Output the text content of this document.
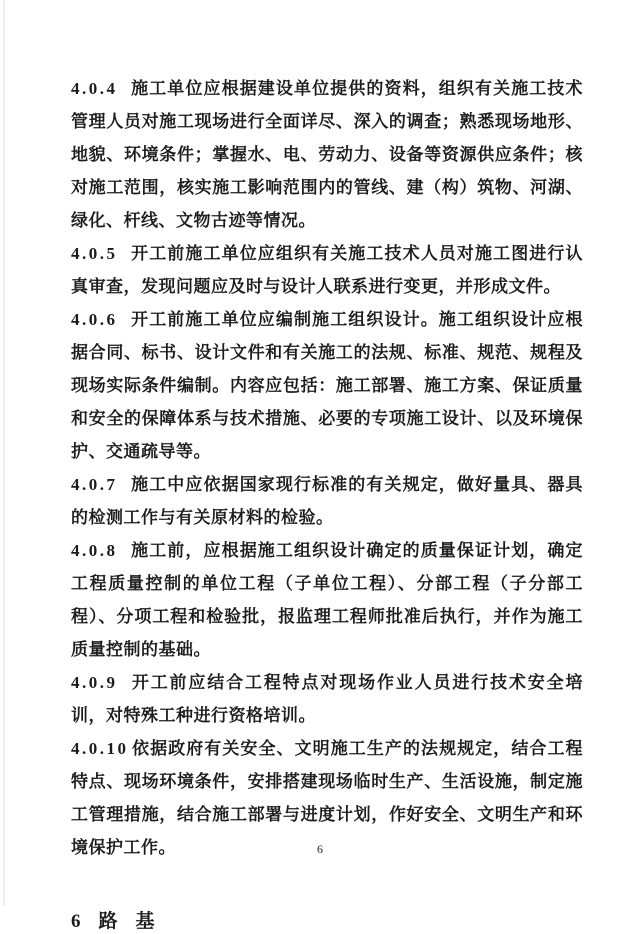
4.0.4 施工单位应根据建设单位提供的资料，组织有关施工技术管理人员对施工现场进行全面详尽、深入的调查；熟悉现场地形、地貌、环境条件；掌握水、电、劳动力、设备等资源供应条件；核对施工范围，核实施工影响范围内的管线、建（构）筑物、河湖、绿化、杆线、文物古迹等情况。

4.0.5 开工前施工单位应组织有关施工技术人员对施工图进行认真审查，发现问题应及时与设计人联系进行变更，并形成文件。

4.0.6 开工前施工单位应编制施工组织设计。施工组织设计应根据合同、标书、设计文件和有关施工的法规、标准、规范、规程及现场实际条件编制。内容应包括：施工部署、施工方案、保证质量和安全的保障体系与技术措施、必要的专项施工设计、以及环境保护、交通疏导等。

4.0.7 施工中应依据国家现行标准的有关规定，做好量具、器具的检测工作与有关原材料的检验。

4.0.8 施工前，应根据施工组织设计确定的质量保证计划，确定工程质量控制的单位工程（子单位工程）、分部工程（子分部工程）、分项工程和检验批，报监理工程师批准后执行，并作为施工质量控制的基础。

4.0.9 开工前应结合工程特点对现场作业人员进行技术安全培训，对特殊工种进行资格培训。

4.0.10 依据政府有关安全、文明施工生产的法规规定，结合工程特点、现场环境条件，安排搭建现场临时生产、生活设施，制定施工管理措施，结合施工部署与进度计划，作好安全、文明生产和环境保护工作。

6 路基

6
